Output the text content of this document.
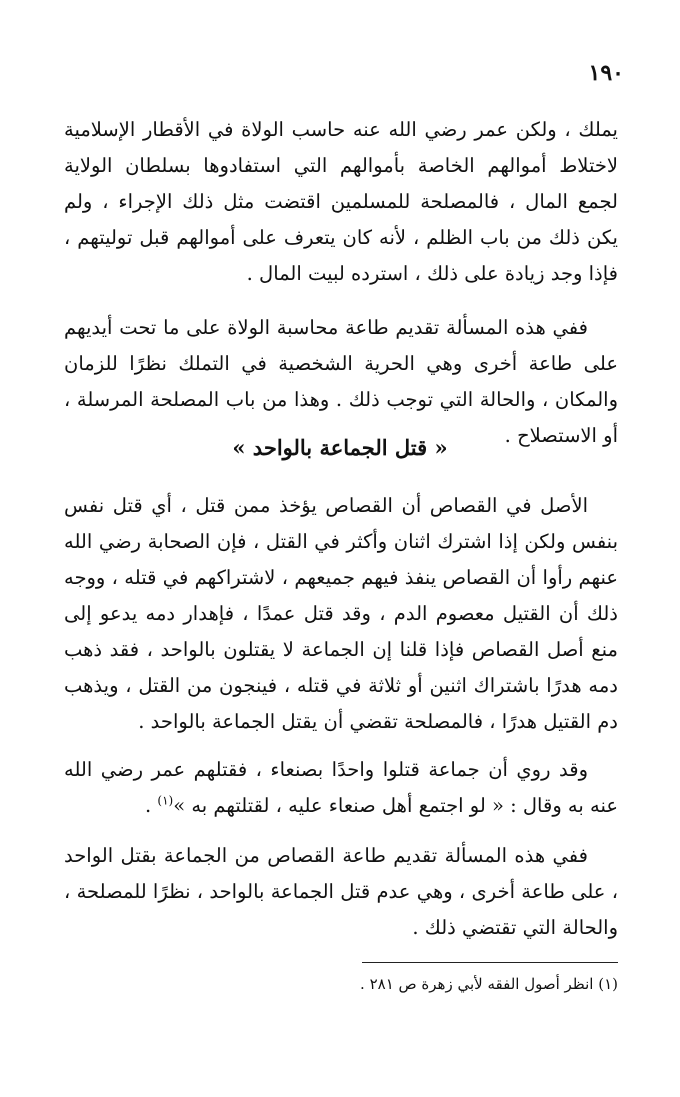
١٩٠
يملك ، ولكن عمر رضي الله عنه حاسب الولاة في الأقطار الإسلامية لاختلاط أموالهم الخاصة بأموالهم التي استفادوها بسلطان الولاية لجمع المال ، فالمصلحة للمسلمين اقتضت مثل ذلك الإجراء ، ولم يكن ذلك من باب الظلم ، لأنه كان يتعرف على أموالهم قبل توليتهم ، فإذا وجد زيادة على ذلك ، استرده لبيت المال .
ففي هذه المسألة تقديم طاعة محاسبة الولاة على ما تحت أيديهم على طاعة أخرى وهي الحرية الشخصية في التملك نظرًا للزمان والمكان ، والحالة التي توجب ذلك . وهذا من باب المصلحة المرسلة ، أو الاستصلاح .
« قتل الجماعة بالواحد »
الأصل في القصاص أن القصاص يؤخذ ممن قتل ، أي قتل نفس بنفس ولكن إذا اشترك اثنان وأكثر في القتل ، فإن الصحابة رضي الله عنهم رأوا أن القصاص ينفذ فيهم جميعهم ، لاشتراكهم في قتله ، ووجه ذلك أن القتيل معصوم الدم ، وقد قتل عمدًا ، فإهدار دمه يدعو إلى منع أصل القصاص فإذا قلنا إن الجماعة لا يقتلون بالواحد ، فقد ذهب دمه هدرًا باشتراك اثنين أو ثلاثة في قتله ، فينجون من القتل ، ويذهب دم القتيل هدرًا ، فالمصلحة تقضي أن يقتل الجماعة بالواحد .
وقد روي أن جماعة قتلوا واحدًا بصنعاء ، فقتلهم عمر رضي الله عنه به وقال : « لو اجتمع أهل صنعاء عليه ، لقتلتهم به »$^{(١)}$ .
ففي هذه المسألة تقديم طاعة القصاص من الجماعة بقتل الواحد ، على طاعة أخرى ، وهي عدم قتل الجماعة بالواحد ، نظرًا للمصلحة ، والحالة التي تقتضي ذلك .
(١) انظر أصول الفقه لأبي زهرة ص ٢٨١ .
